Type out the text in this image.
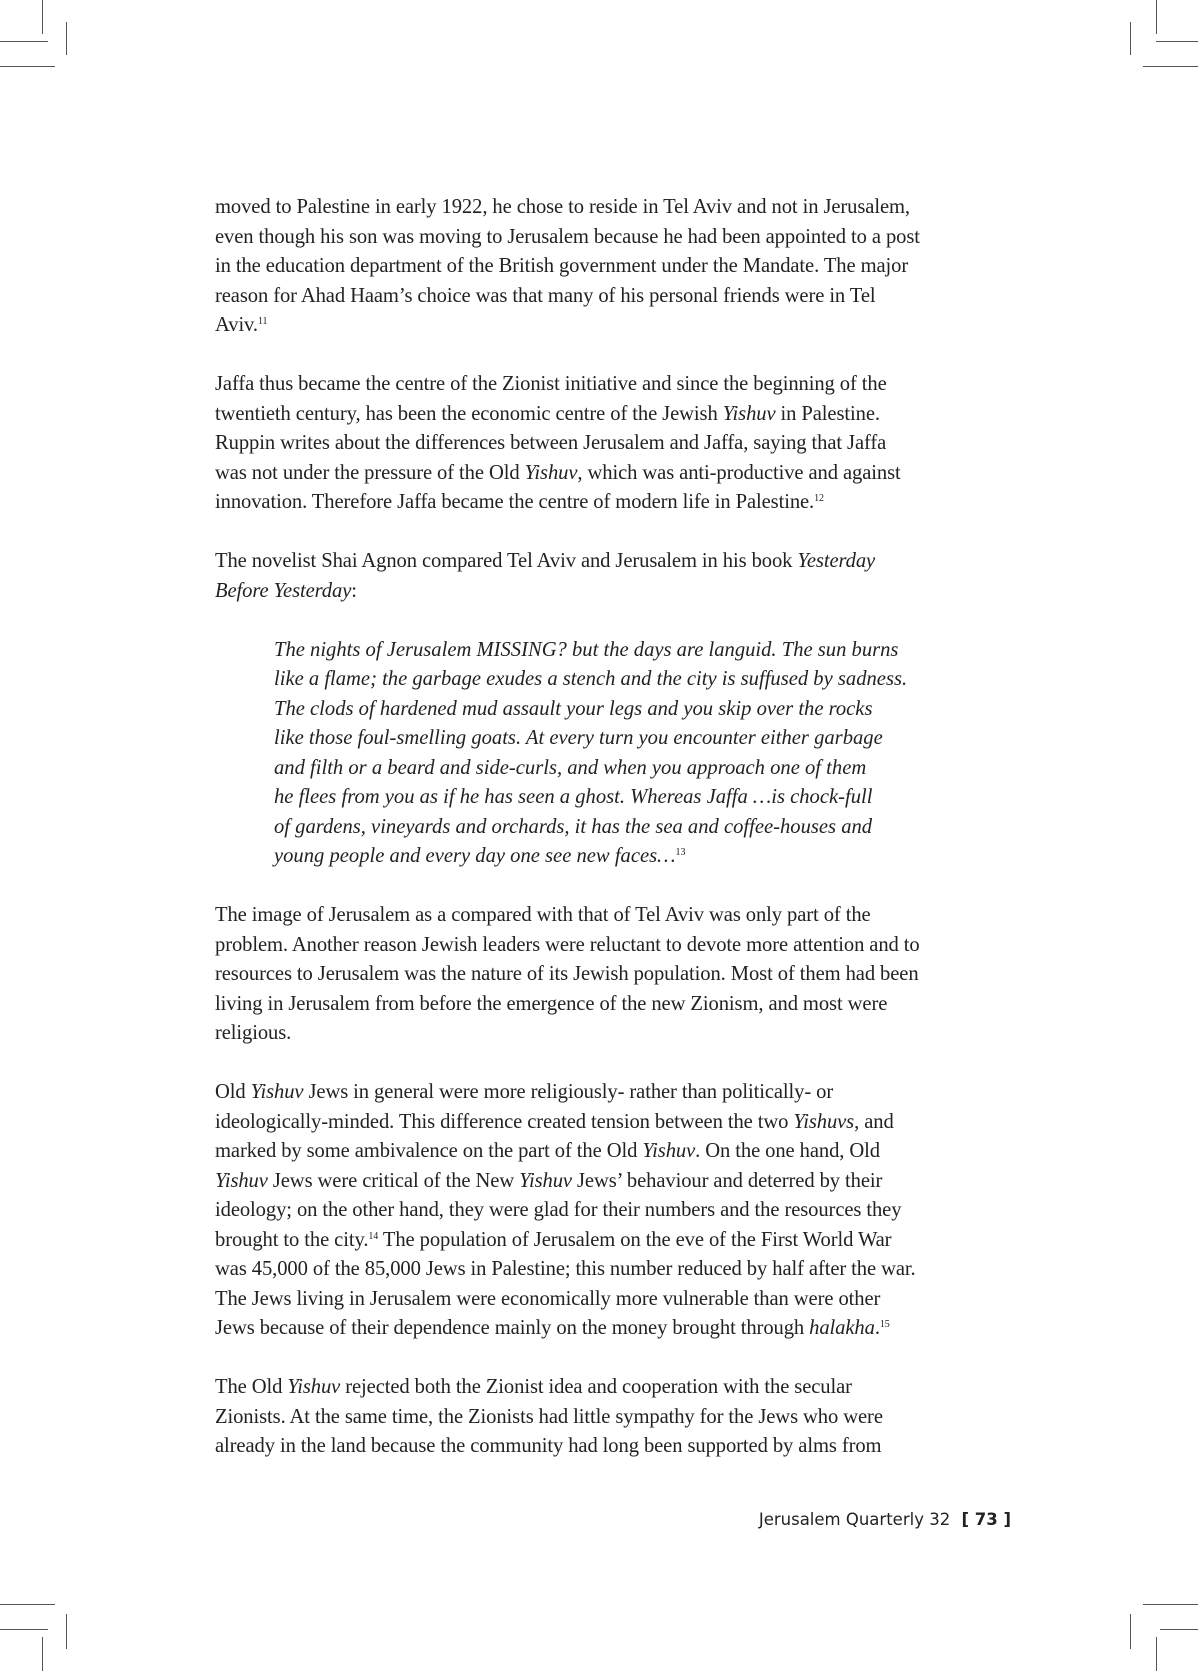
moved to Palestine in early 1922, he chose to reside in Tel Aviv and not in Jerusalem,
even though his son was moving to Jerusalem because he had been appointed to a post
in the education department of the British government under the Mandate. The major
reason for Ahad Haam’s choice was that many of his personal friends were in Tel
Aviv.$^{11}$

Jaffa thus became the centre of the Zionist initiative and since the beginning of the
twentieth century, has been the economic centre of the Jewish Yishuv in Palestine.
Ruppin writes about the differences between Jerusalem and Jaffa, saying that Jaffa
was not under the pressure of the Old Yishuv, which was anti-productive and against
innovation. Therefore Jaffa became the centre of modern life in Palestine.$^{12}$

The novelist Shai Agnon compared Tel Aviv and Jerusalem in his book Yesterday
Before Yesterday:

The nights of Jerusalem MISSING? but the days are languid. The sun burns
like a flame; the garbage exudes a stench and the city is suffused by sadness.
The clods of hardened mud assault your legs and you skip over the rocks
like those foul-smelling goats. At every turn you encounter either garbage
and filth or a beard and side-curls, and when you approach one of them
he flees from you as if he has seen a ghost. Whereas Jaffa …is chock-full
of gardens, vineyards and orchards, it has the sea and coffee-houses and
young people and every day one see new faces…$^{13}$

The image of Jerusalem as a compared with that of Tel Aviv was only part of the
problem. Another reason Jewish leaders were reluctant to devote more attention and to
resources to Jerusalem was the nature of its Jewish population. Most of them had been
living in Jerusalem from before the emergence of the new Zionism, and most were
religious.

Old Yishuv Jews in general were more religiously- rather than politically- or
ideologically-minded. This difference created tension between the two Yishuvs, and
marked by some ambivalence on the part of the Old Yishuv. On the one hand, Old
Yishuv Jews were critical of the New Yishuv Jews’ behaviour and deterred by their
ideology; on the other hand, they were glad for their numbers and the resources they
brought to the city.$^{14}$ The population of Jerusalem on the eve of the First World War
was 45,000 of the 85,000 Jews in Palestine; this number reduced by half after the war.
The Jews living in Jerusalem were economically more vulnerable than were other
Jews because of their dependence mainly on the money brought through halakha.$^{15}$

The Old Yishuv rejected both the Zionist idea and cooperation with the secular
Zionists. At the same time, the Zionists had little sympathy for the Jews who were
already in the land because the community had long been supported by alms from

Jerusalem Quarterly 32 [ 73 ]
